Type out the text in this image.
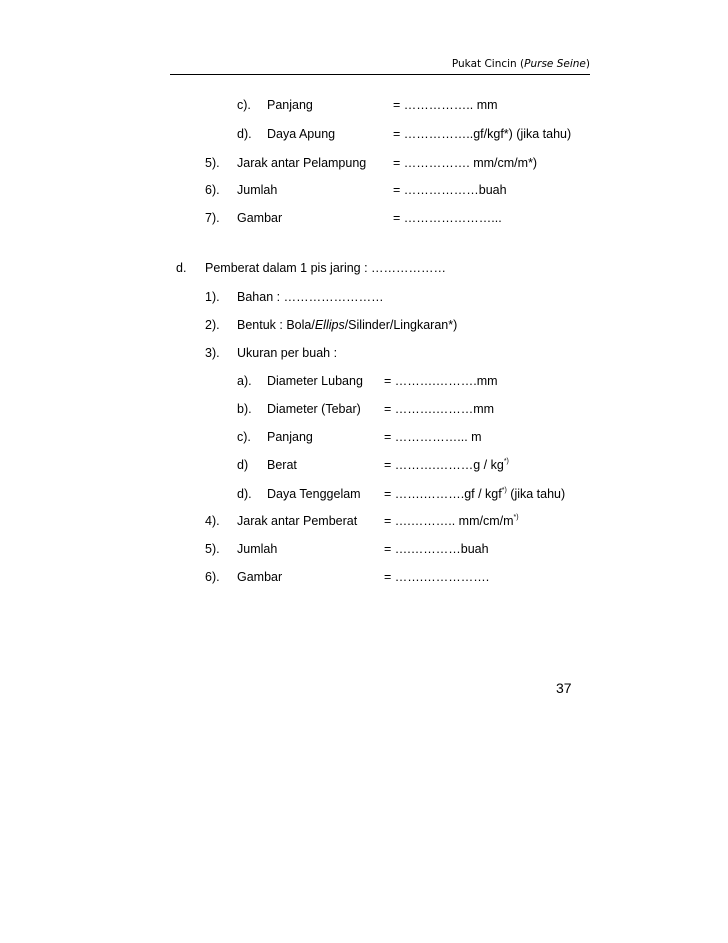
Pukat Cincin (Purse Seine)
c). Panjang	= …………….. mm
d). Daya Apung	= ……………..gf/kgf*) (jika tahu)
5). Jarak antar Pelampung = ……………. mm/cm/m*)
6). Jumlah	= ………………buah
7). Gambar	= …………………...
d. Pemberat dalam 1 pis jaring : ………………
1). Bahan : ……………………
2). Bentuk : Bola/Ellips/Silinder/Lingkaran*)
3). Ukuran per buah :
a). Diameter Lubang = ……….……….mm
b). Diameter (Tebar) = ……….………mm
c). Panjang	= ……………... m
d) Berat	= ……….………g / kg*)
d). Daya Tenggelam = …….……….gf / kgf*) (jika tahu)
4). Jarak antar Pemberat = ….……….. mm/cm/m*)
5). Jumlah	= ….…………buah
6). Gambar	= …….…………….
37
